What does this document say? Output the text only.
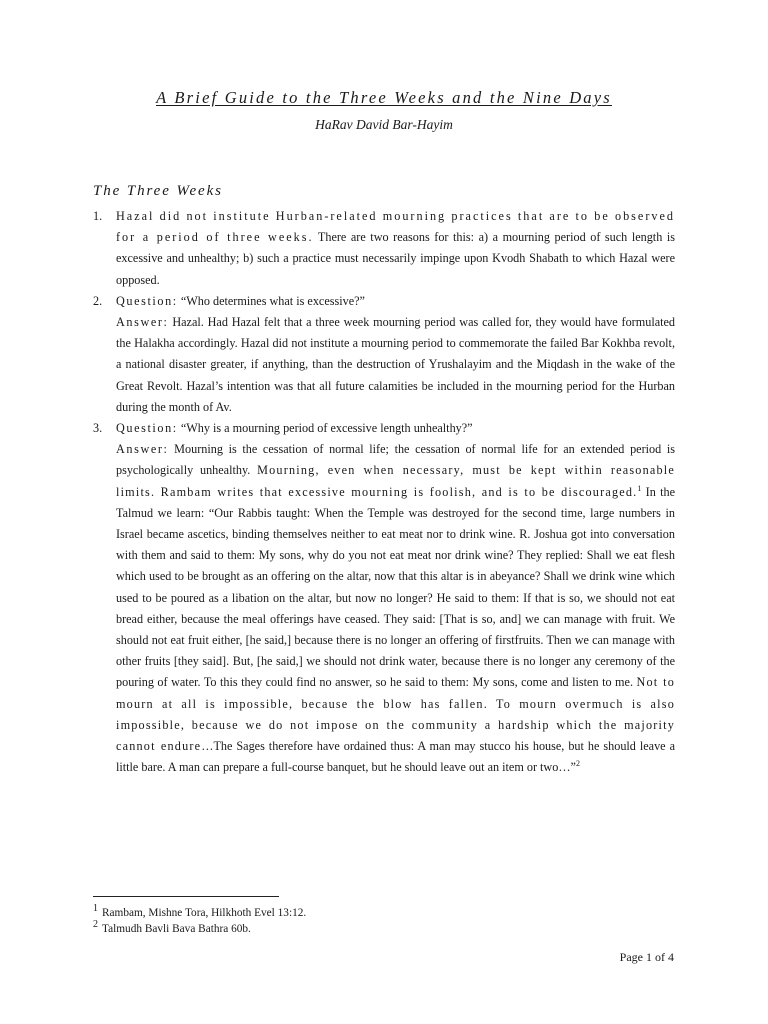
A Brief Guide to the Three Weeks and the Nine Days
HaRav David Bar-Hayim
The Three Weeks
1. Hazal did not institute Hurban-related mourning practices that are to be observed for a period of three weeks. There are two reasons for this: a) a mourning period of such length is excessive and unhealthy; b) such a practice must necessarily impinge upon Kvodh Shabath to which Hazal were opposed.

2. Question: “Who determines what is excessive?”

Answer: Hazal. Had Hazal felt that a three week mourning period was called for, they would have formulated the Halakha accordingly. Hazal did not institute a mourning period to commemorate the failed Bar Kokhba revolt, a national disaster greater, if anything, than the destruction of Yrushalayim and the Miqdash in the wake of the Great Revolt. Hazal’s intention was that all future calamities be included in the mourning period for the Hurban during the month of Av.

3. Question: “Why is a mourning period of excessive length unhealthy?”

Answer: Mourning is the cessation of normal life; the cessation of normal life for an extended period is psychologically unhealthy. Mourning, even when necessary, must be kept within reasonable limits. Rambam writes that excessive mourning is foolish, and is to be discouraged.$^1$ In the Talmud we learn: “Our Rabbis taught: When the Temple was destroyed for the second time, large numbers in Israel became ascetics, binding themselves neither to eat meat nor to drink wine. R. Joshua got into conversation with them and said to them: My sons, why do you not eat meat nor drink wine? They replied: Shall we eat flesh which used to be brought as an offering on the altar, now that this altar is in abeyance? Shall we drink wine which used to be poured as a libation on the altar, but now no longer? He said to them: If that is so, we should not eat bread either, because the meal offerings have ceased. They said: [That is so, and] we can manage with fruit. We should not eat fruit either, [he said,] because there is no longer an offering of firstfruits. Then we can manage with other fruits [they said]. But, [he said,] we should not drink water, because there is no longer any ceremony of the pouring of water. To this they could find no answer, so he said to them: My sons, come and listen to me. Not to mourn at all is impossible, because the blow has fallen. To mourn overmuch is also impossible, because we do not impose on the community a hardship which the majority cannot endure…The Sages therefore have ordained thus: A man may stucco his house, but he should leave a little bare. A man can prepare a full-course banquet, but he should leave out an item or two…”$^2$

1 Rambam, Mishne Tora, Hilkhoth Evel 13:12.
2 Talmudh Bavli Bava Bathra 60b.
Page 1 of 4
